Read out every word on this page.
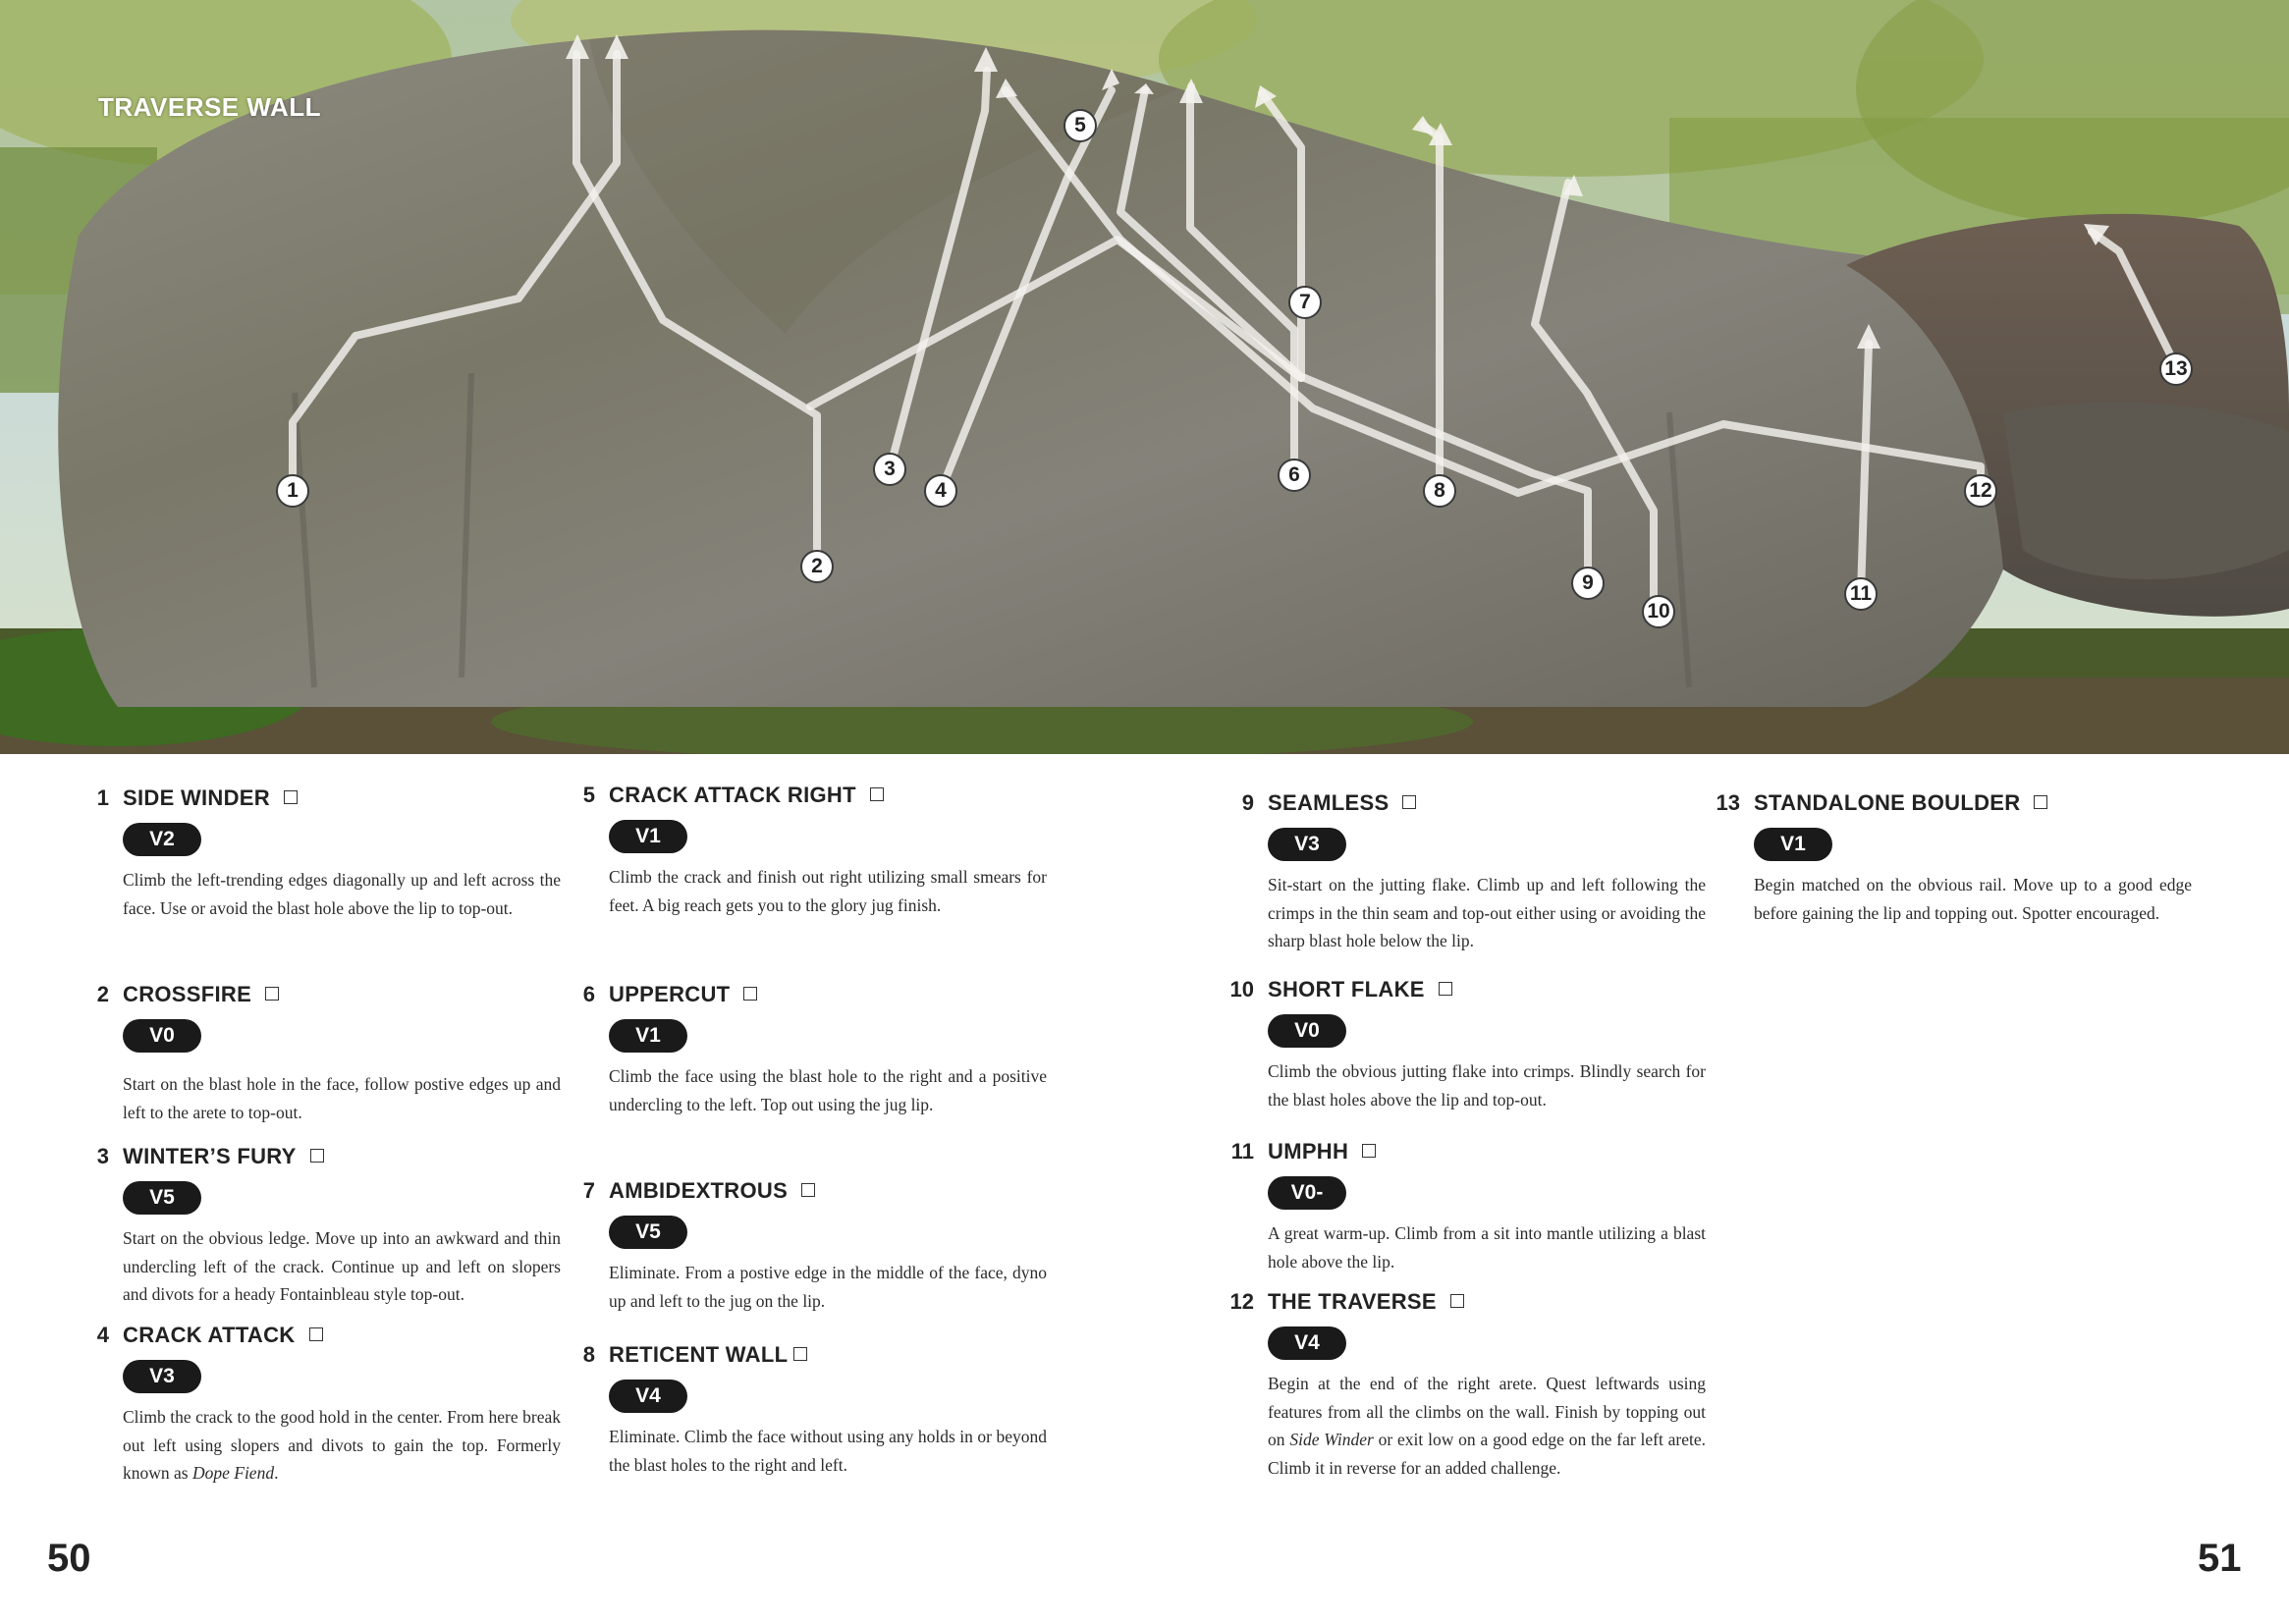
TRAVERSE WALL
1
2
3
4
5
6
7
8
9
10
11
12
13
1 SIDE WINDER
V2
Climb the left-trending edges diagonally up and left across the face. Use or avoid the blast hole above the lip to top-out.
2 CROSSFIRE
V0
Start on the blast hole in the face, follow postive edges up and left to the arete to top-out.
3 WINTER’S FURY
V5
Start on the obvious ledge. Move up into an awkward and thin undercling left of the crack. Continue up and left on slopers and divots for a heady Fontainbleau style top-out.
4 CRACK ATTACK
V3
Climb the crack to the good hold in the center. From here break out left using slopers and divots to gain the top. Formerly known as Dope Fiend.
5 CRACK ATTACK RIGHT
V1
Climb the crack and finish out right utilizing small smears for feet. A big reach gets you to the glory jug finish.
6 UPPERCUT
V1
Climb the face using the blast hole to the right and a positive undercling to the left. Top out using the jug lip.
7 AMBIDEXTROUS
V5
Eliminate. From a postive edge in the middle of the face, dyno up and left to the jug on the lip.
8 RETICENT WALL
V4
Eliminate. Climb the face without using any holds in or beyond the blast holes to the right and left.
9 SEAMLESS
V3
Sit-start on the jutting flake. Climb up and left following the crimps in the thin seam and top-out either using or avoiding the sharp blast hole below the lip.
10 SHORT FLAKE
V0
Climb the obvious jutting flake into crimps. Blindly search for the blast holes above the lip and top-out.
11 UMPHH
V0-
A great warm-up. Climb from a sit into mantle utilizing a blast hole above the lip.
12 THE TRAVERSE
V4
Begin at the end of the right arete. Quest leftwards using features from all the climbs on the wall. Finish by topping out on Side Winder or exit low on a good edge on the far left arete. Climb it in reverse for an added challenge.
13 STANDALONE BOULDER
V1
Begin matched on the obvious rail. Move up to a good edge before gaining the lip and topping out. Spotter encouraged.
50	51
